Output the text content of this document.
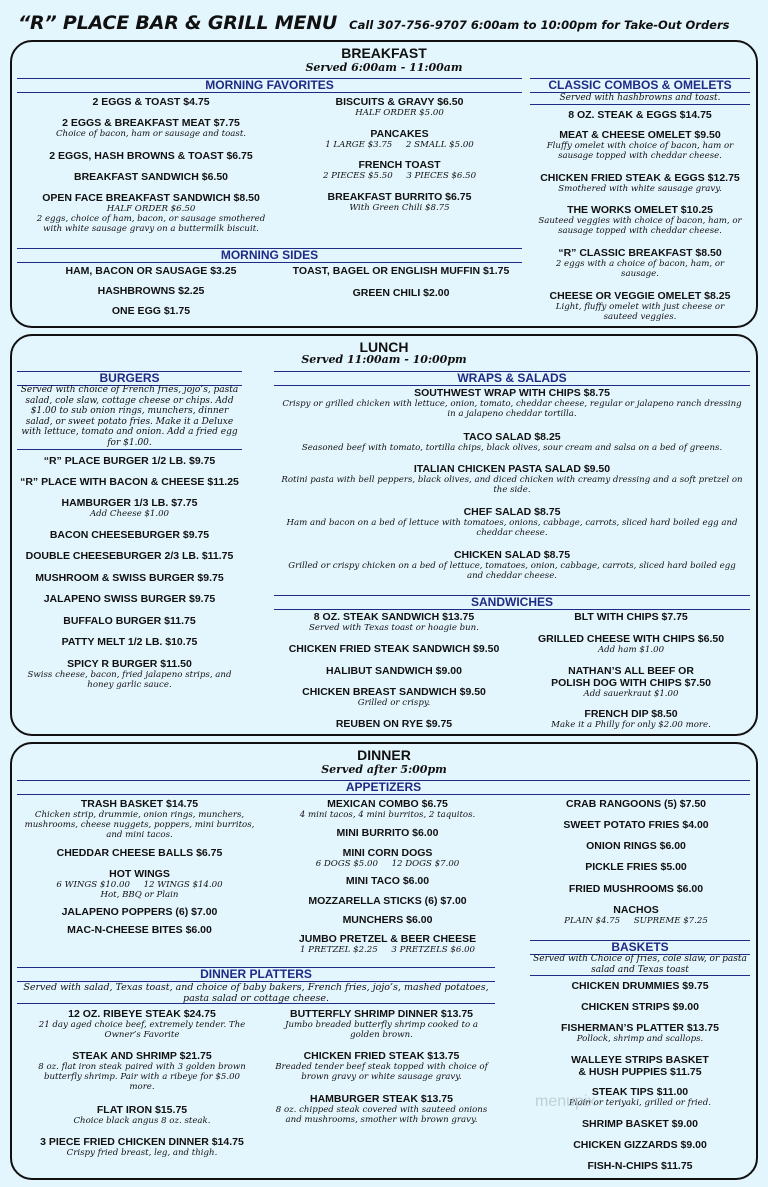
“R” PLACE BAR & GRILL MENU Call 307-756-9707 6:00am to 10:00pm for Take-Out Orders
BREAKFAST
Served 6:00am - 11:00am
MORNING FAVORITES
2 EGGS & TOAST $4.75
2 EGGS & BREAKFAST MEAT $7.75
Choice of bacon, ham or sausage and toast.
2 EGGS, HASH BROWNS & TOAST $6.75
BREAKFAST SANDWICH $6.50
OPEN FACE BREAKFAST SANDWICH $8.50
HALF ORDER $6.50
2 eggs, choice of ham, bacon, or sausage smothered with white sausage gravy on a buttermilk biscuit.
BISCUITS & GRAVY $6.50
HALF ORDER $5.00
PANCAKES
1 LARGE $3.75     2 SMALL $5.00
FRENCH TOAST
2 PIECES $5.50     3 PIECES $6.50
BREAKFAST BURRITO $6.75
With Green Chili $8.75
MORNING SIDES
HAM, BACON OR SAUSAGE $3.25
HASHBROWNS $2.25
ONE EGG $1.75
TOAST, BAGEL OR ENGLISH MUFFIN $1.75
GREEN CHILI $2.00
CLASSIC COMBOS & OMELETS
Served with hashbrowns and toast.
8 OZ. STEAK & EGGS $14.75
MEAT & CHEESE OMELET $9.50
Fluffy omelet with choice of bacon, ham or sausage topped with cheddar cheese.
CHICKEN FRIED STEAK & EGGS $12.75
Smothered with white sausage gravy.
THE WORKS OMELET $10.25
Sauteed veggies with choice of bacon, ham, or sausage topped with cheddar cheese.
“R” CLASSIC BREAKFAST $8.50
2 eggs with a choice of bacon, ham, or sausage.
CHEESE OR VEGGIE OMELET $8.25
Light, fluffy omelet with just cheese or sauteed veggies.
LUNCH
Served 11:00am - 10:00pm
BURGERS
Served with choice of French fries, jojo’s, pasta salad, cole slaw, cottage cheese or chips. Add $1.00 to sub onion rings, munchers, dinner salad, or sweet potato fries. Make it a Deluxe with lettuce, tomato and onion. Add a fried egg for $1.00.
“R” PLACE BURGER 1/2 LB. $9.75
“R” PLACE WITH BACON & CHEESE $11.25
HAMBURGER 1/3 LB. $7.75
Add Cheese $1.00
BACON CHEESEBURGER $9.75
DOUBLE CHEESEBURGER 2/3 LB. $11.75
MUSHROOM & SWISS BURGER $9.75
JALAPENO SWISS BURGER $9.75
BUFFALO BURGER $11.75
PATTY MELT 1/2 LB. $10.75
SPICY R BURGER $11.50
Swiss cheese, bacon, fried jalapeno strips, and honey garlic sauce.
WRAPS & SALADS
SOUTHWEST WRAP WITH CHIPS $8.75
Crispy or grilled chicken with lettuce, onion, tomato, cheddar cheese, regular or jalapeno ranch dressing in a jalapeno cheddar tortilla.
TACO SALAD $8.25
Seasoned beef with tomato, tortilla chips, black olives, sour cream and salsa on a bed of greens.
ITALIAN CHICKEN PASTA SALAD $9.50
Rotini pasta with bell peppers, black olives, and diced chicken with creamy dressing and a soft pretzel on the side.
CHEF SALAD $8.75
Ham and bacon on a bed of lettuce with tomatoes, onions, cabbage, carrots, sliced hard boiled egg and cheddar cheese.
CHICKEN SALAD $8.75
Grilled or crispy chicken on a bed of lettuce, tomatoes, onion, cabbage, carrots, sliced hard boiled egg and cheddar cheese.
SANDWICHES
8 OZ. STEAK SANDWICH $13.75
Served with Texas toast or hoagie bun.
CHICKEN FRIED STEAK SANDWICH $9.50
HALIBUT SANDWICH $9.00
CHICKEN BREAST SANDWICH $9.50
Grilled or crispy.
REUBEN ON RYE $9.75
BLT WITH CHIPS $7.75
GRILLED CHEESE WITH CHIPS $6.50
Add ham $1.00
NATHAN’S ALL BEEF OR
POLISH DOG WITH CHIPS $7.50
Add sauerkraut $1.00
FRENCH DIP $8.50
Make it a Philly for only $2.00 more.
DINNER
Served after 5:00pm
APPETIZERS
TRASH BASKET $14.75
Chicken strip, drummie, onion rings, munchers, mushrooms, cheese nuggets, poppers, mini burritos, and mini tacos.
CHEDDAR CHEESE BALLS $6.75
HOT WINGS
6 WINGS $10.00     12 WINGS $14.00
Hot, BBQ or Plain
JALAPENO POPPERS (6) $7.00
MAC-N-CHEESE BITES $6.00
MEXICAN COMBO $6.75
4 mini tacos, 4 mini burritos, 2 taquitos.
MINI BURRITO $6.00
MINI CORN DOGS
6 DOGS $5.00     12 DOGS $7.00
MINI TACO $6.00
MOZZARELLA STICKS (6) $7.00
MUNCHERS $6.00
JUMBO PRETZEL & BEER CHEESE
1 PRETZEL $2.25     3 PRETZELS $6.00
CRAB RANGOONS (5) $7.50
SWEET POTATO FRIES $4.00
ONION RINGS $6.00
PICKLE FRIES $5.00
FRIED MUSHROOMS $6.00
NACHOS
PLAIN $4.75     SUPREME $7.25
BASKETS
Served with Choice of fries, cole slaw, or pasta salad and Texas toast
CHICKEN DRUMMIES $9.75
CHICKEN STRIPS $9.00
FISHERMAN’S PLATTER $13.75
Pollock, shrimp and scallops.
WALLEYE STRIPS BASKET
& HUSH PUPPIES $11.75
STEAK TIPS $11.00
Plain or teriyaki, grilled or fried.
SHRIMP BASKET $9.00
CHICKEN GIZZARDS $9.00
FISH-N-CHIPS $11.75
DINNER PLATTERS
Served with salad, Texas toast, and choice of baby bakers, French fries, jojo’s, mashed potatoes, pasta salad or cottage cheese.
12 OZ. RIBEYE STEAK $24.75
21 day aged choice beef, extremely tender. The Owner’s Favorite
STEAK AND SHRIMP $21.75
8 oz. flat iron steak paired with 3 golden brown butterfly shrimp. Pair with a ribeye for $5.00 more.
FLAT IRON $15.75
Choice black angus 8 oz. steak.
3 PIECE FRIED CHICKEN DINNER $14.75
Crispy fried breast, leg, and thigh.
BUTTERFLY SHRIMP DINNER $13.75
Jumbo breaded butterfly shrimp cooked to a golden brown.
CHICKEN FRIED STEAK $13.75
Breaded tender beef steak topped with choice of brown gravy or white sausage gravy.
HAMBURGER STEAK $13.75
8 oz. chipped steak covered with sauteed onions and mushrooms, smother with brown gravy.
menupix
